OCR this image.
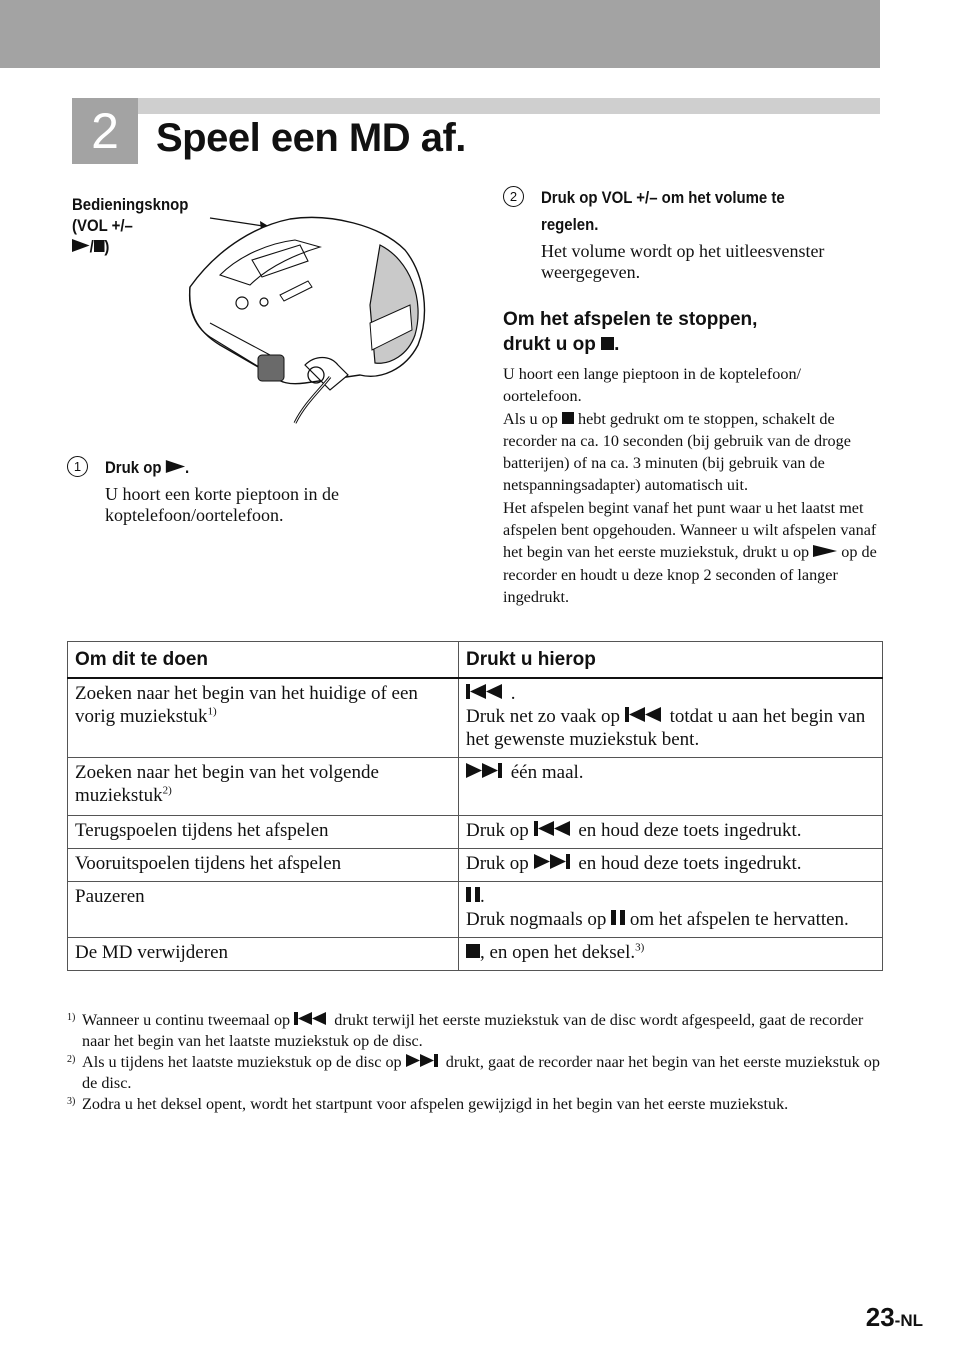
2 Speel een MD af.
Bedieningsknop
(VOL +/–
/ )
1	Druk op .
U hoort een korte pieptoon in de koptelefoon/oortelefoon.
2	Druk op VOL +/– om het volume te
regelen.
Het volume wordt op het uitleesvenster weergegeven.
Om het afspelen te stoppen,
drukt u op .
U hoort een lange pieptoon in de koptelefoon/ oortelefoon.
Als u op hebt gedrukt om te stoppen, schakelt de recorder na ca. 10 seconden (bij gebruik van de droge batterijen) of na ca. 3 minuten (bij gebruik van de netspanningsadapter) automatisch uit.
Het afspelen begint vanaf het punt waar u het laatst met afspelen bent opgehouden. Wanneer u wilt afspelen vanaf het begin van het eerste muziekstuk, drukt u op op de recorder en houdt u deze knop 2 seconden of langer ingedrukt.
Om dit te doen	Drukt u hierop
Zoeken naar het begin van het huidige of een vorig muziekstuk$^{1)}$	.
Druk net zo vaak op totdat u aan het begin van het gewenste muziekstuk bent.

Zoeken naar het begin van het volgende muziekstuk$^{2)}$	één maal.
Terugspoelen tijdens het afspelen	Druk op en houd deze toets ingedrukt.
Vooruitspoelen tijdens het afspelen	Druk op en houd deze toets ingedrukt.
Pauzeren	.
Druk nogmaals op om het afspelen te hervatten.

De MD verwijderen	, en open het deksel.$^{3)}$
1) Wanneer u continu tweemaal op	drukt terwijl het eerste muziekstuk van de disc wordt afgespeeld, gaat de recorder naar het begin van het laatste muziekstuk op de disc.
2) Als u tijdens het laatste muziekstuk op de disc op	drukt, gaat de recorder naar het begin van het eerste muziekstuk op de disc.
3) Zodra u het deksel opent, wordt het startpunt voor afspelen gewijzigd in het begin van het eerste muziekstuk.
23-NL
